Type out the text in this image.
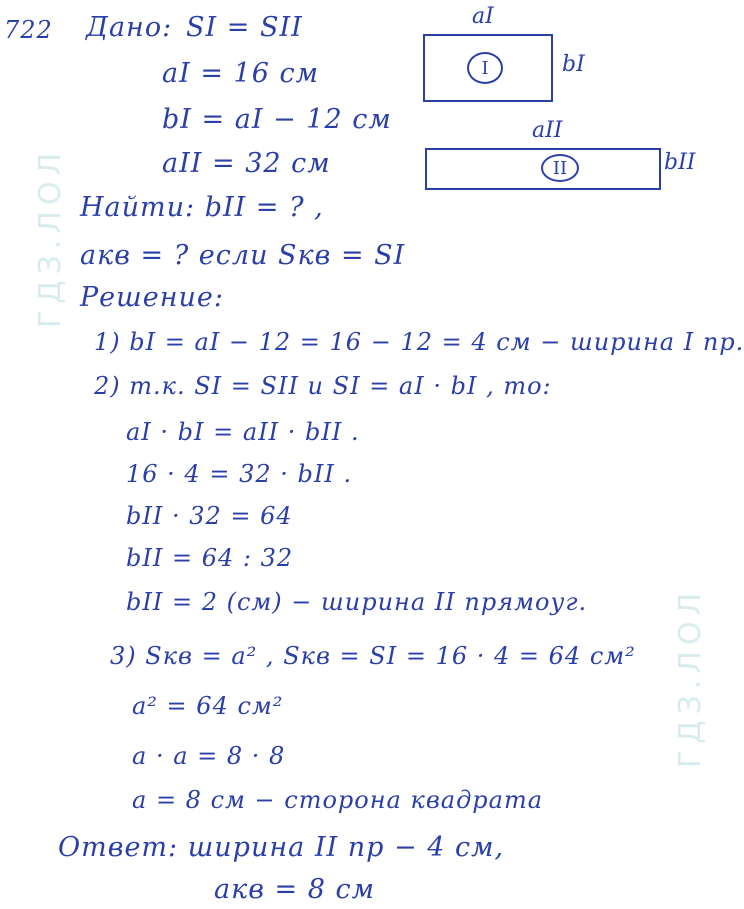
ГДЗ.ЛОЛ
ГДЗ.ЛОЛ
722 Дано: SI = SII
aI = 16 см
bI = aI − 12 см
aII = 32 см
aI
I	bI
aII
II	bII
Найти: bII = ? ,
aкв = ? если Sкв = SI
Решение:
1) bI = aI − 12 = 16 − 12 = 4 см − ширина I пр.
2) т.к. SI = SII и SI = aI · bI , то:
aI · bI = aII · bII .
16 · 4 = 32 · bII .
bII · 32 = 64
bII = 64 : 32
bII = 2 (см) − ширина II прямоуг.
3) Sкв = a² , Sкв = SI = 16 · 4 = 64 см²
a² = 64 см²
a · a = 8 · 8
a = 8 см − сторона квадрата
Ответ: ширина II пр − 4 см,
aкв = 8 см
